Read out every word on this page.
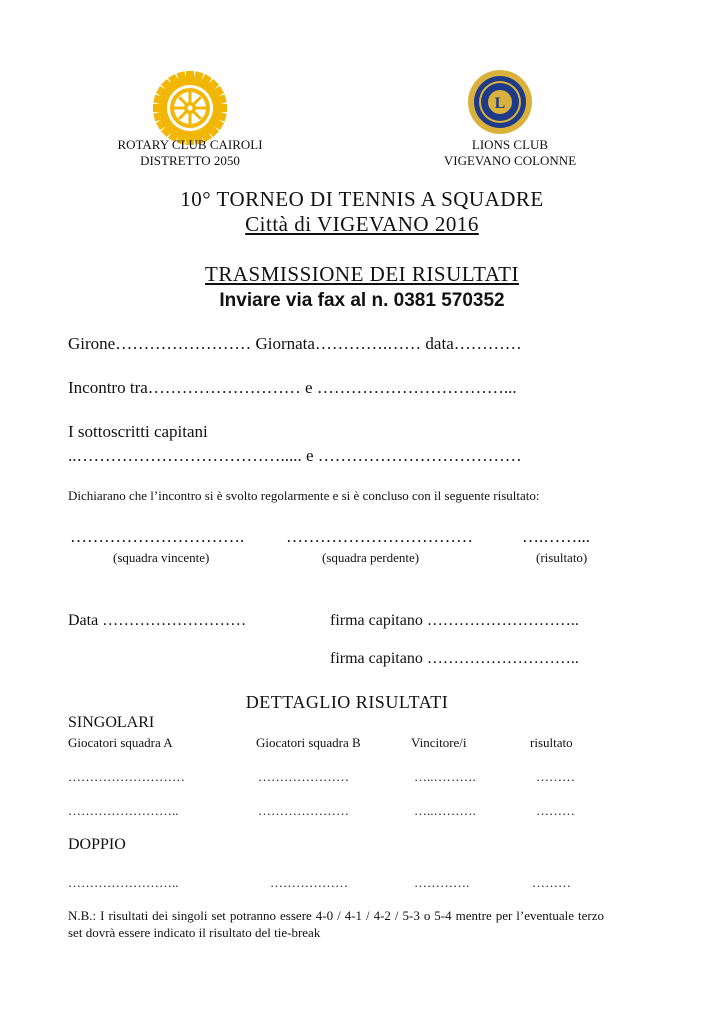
L
ROTARY CLUB CAIROLI
DISTRETTO 2050
LIONS CLUB
VIGEVANO COLONNE
10° TORNEO DI TENNIS A SQUADRE
Città di VIGEVANO 2016
TRASMISSIONE DEI RISULTATI
Inviare via fax al n. 0381 570352
Girone…………………… Giornata………….…… data…………
Incontro tra……………………… e ……………………………...
I sottoscritti capitani
..………………………………..... e ………………………………
Dichiarano che l’incontro si è svolto regolarmente e si è concluso con il seguente risultato:
…………………………. ……………………………	….……...
(squadra vincente)	(squadra perdente)	(risultato)
Data ………………………	firma capitano ………………………..
firma capitano ………………………..
DETTAGLIO RISULTATI
SINGOLARI
Giocatori squadra A	Giocatori squadra B	Vincitore/i	risultato
………………………	…………………	…..……….	………
……………………..	…………………	…..……….	………
DOPPIO
……………………..	………………	………….	………
N.B.: I risultati dei singoli set potranno essere 4-0 / 4-1 / 4-2 / 5-3 o 5-4 mentre per l’eventuale terzo set dovrà essere indicato il risultato del tie-break
